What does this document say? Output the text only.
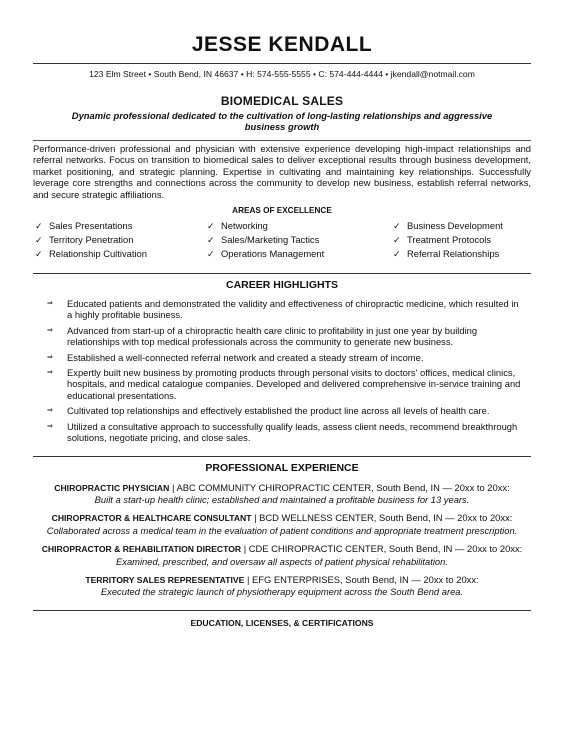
JESSE KENDALL
123 Elm Street • South Bend, IN 46637 • H: 574-555-5555 • C: 574-444-4444 • jkendall@notmail.com
BIOMEDICAL SALES
Dynamic professional dedicated to the cultivation of long-lasting relationships and aggressive business growth
Performance-driven professional and physician with extensive experience developing high-impact relationships and referral networks. Focus on transition to biomedical sales to deliver exceptional results through business development, market positioning, and strategic planning. Expertise in cultivating and maintaining key relationships. Successfully leverage core strengths and connections across the community to develop new business, establish referral networks, and secure strategic affiliations.
AREAS OF EXCELLENCE
✓ Sales Presentations	✓ Networking	✓ Business Development
✓ Territory Penetration	✓ Sales/Marketing Tactics	✓ Treatment Protocols
✓ Relationship Cultivation	✓ Operations Management	✓ Referral Relationships
CAREER HIGHLIGHTS
⇒ Educated patients and demonstrated the validity and effectiveness of chiropractic medicine, which resulted in a highly profitable business.
⇒ Advanced from start-up of a chiropractic health care clinic to profitability in just one year by building relationships with top medical professionals across the community to generate new business.
⇒ Established a well-connected referral network and created a steady stream of income.
⇒ Expertly built new business by promoting products through personal visits to doctors' offices, medical clinics, hospitals, and medical catalogue companies. Developed and delivered comprehensive in-service training and educational presentations.
⇒ Cultivated top relationships and effectively established the product line across all levels of health care.
⇒ Utilized a consultative approach to successfully qualify leads, assess client needs, recommend breakthrough solutions, negotiate pricing, and close sales.
PROFESSIONAL EXPERIENCE
CHIROPRACTIC PHYSICIAN | ABC COMMUNITY CHIROPRACTIC CENTER, South Bend, IN — 20xx to 20xx:
Built a start-up health clinic; established and maintained a profitable business for 13 years.
CHIROPRACTOR & HEALTHCARE CONSULTANT | BCD WELLNESS CENTER, South Bend, IN — 20xx to 20xx:
Collaborated across a medical team in the evaluation of patient conditions and appropriate treatment prescription.
CHIROPRACTOR & REHABILITATION DIRECTOR | CDE CHIROPRACTIC CENTER, South Bend, IN — 20xx to 20xx:
Examined, prescribed, and oversaw all aspects of patient physical rehabilitation.
TERRITORY SALES REPRESENTATIVE | EFG ENTERPRISES, South Bend, IN — 20xx to 20xx:
Executed the strategic launch of physiotherapy equipment across the South Bend area.
EDUCATION, LICENSES, & CERTIFICATIONS
